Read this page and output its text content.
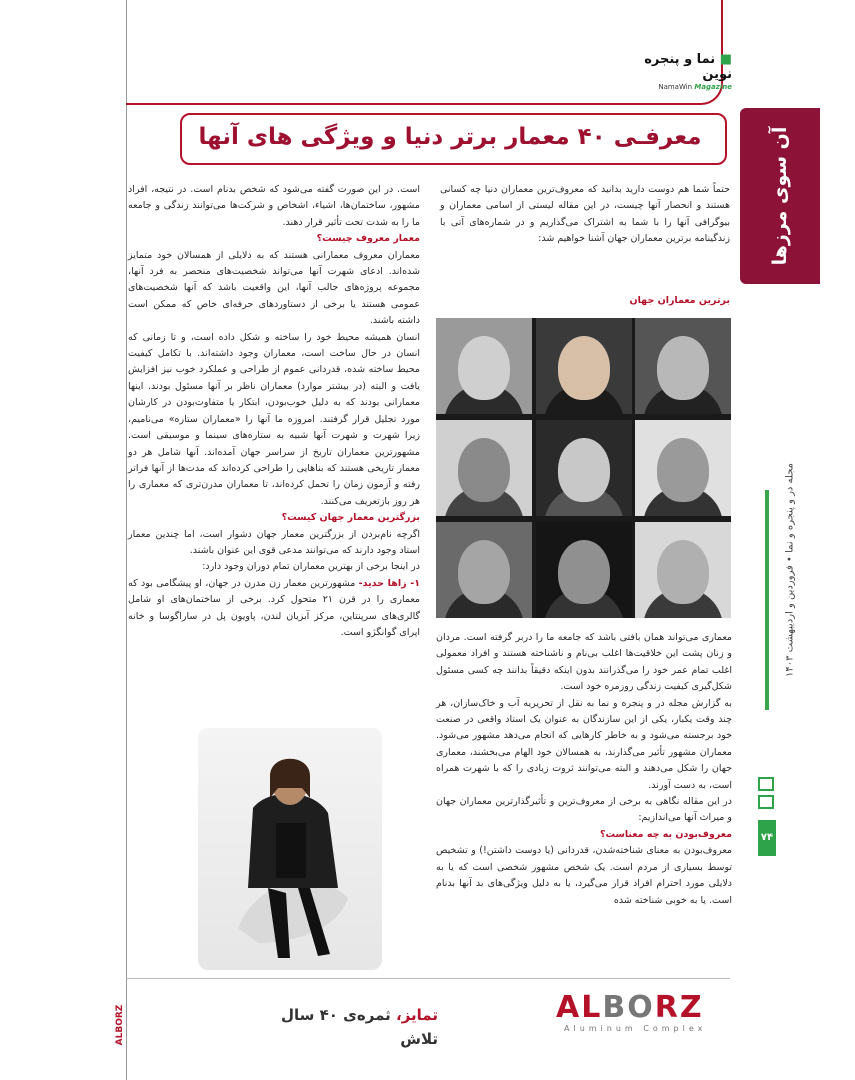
■ نما و پنجره نوین
NamaWin Magazine
آن سوی مرزها
معرفـی ۴۰ معمار برتر دنیا و ویژگی های آنها

حتماً شما هم دوست دارید بدانید که معروف‌ترین معماران دنیا چه کسانی هستند و انحصار آنها چیست، در این مقاله لیستی از اسامی معماران و بیوگرافی آنها را با شما به اشتراک می‌گذاریم و در شماره‌های آتی با زندگینامه برترین معماران جهان آشنا خواهیم شد:

برترین معماران جهان

معماری می‌تواند همان بافتی باشد که جامعه ما را دربر گرفته است. مردان و زنان پشت این خلاقیت‌ها اغلب بی‌نام و ناشناخته هستند و افراد معمولی اغلب تمام عمر خود را می‌گذرانند بدون اینکه دقیقاً بدانند چه کسی مسئول شکل‌گیری کیفیت زندگی روزمره خود است.

به گزارش مجله در و پنجره و نما به نقل از تحریریه آب و خاک‌سازان، هر چند وقت یکبار، یکی از این سازندگان به عنوان یک استاد واقعی در صنعت خود برجسته می‌شود و به خاطر کارهایی که انجام می‌دهد مشهور می‌شود. معماران مشهور تأثیر می‌گذارند، به همسالان خود الهام می‌بخشند، معماری جهان را شکل می‌دهند و البته می‌توانند ثروت زیادی را که با شهرت همراه است، به دست آورند.

در این مقاله نگاهی به برخی از معروف‌ترین و تأثیرگذارترین معماران جهان و میراث آنها می‌اندازیم:

معروف‌بودن به چه معناست؟

معروف‌بودن به معنای شناخته‌شدن، قدردانی (یا دوست داشتن!) و تشخیص توسط بسیاری از مردم است. یک شخص مشهور شخصی است که یا به دلایلی مورد احترام افراد قرار می‌گیرد، یا به دلیل ویژگی‌های بد آنها بدنام است. یا به خوبی شناخته شده

است. در این صورت گفته می‌شود که شخص بدنام است. در نتیجه، افراد مشهور، ساختمان‌ها، اشیاء، اشخاص و شرکت‌ها می‌توانند زندگی و جامعه ما را به شدت تحت تأثیر قرار دهند.

معمار معروف چیست؟

معماران معروف معمارانی هستند که به دلایلی از همسالان خود متمایز شده‌اند. ادعای شهرت آنها می‌تواند شخصیت‌های منحصر به فرد آنها، مجموعه پروژه‌های جالب آنها، این واقعیت باشد که آنها شخصیت‌های عمومی هستند یا برخی از دستاوردهای حرفه‌ای خاص که ممکن است داشته باشند.

انسان همیشه محیط خود را ساخته و شکل داده است، و تا زمانی که انسان در حال ساخت است، معماران وجود داشته‌اند. با تکامل کیفیت محیط ساخته شده، قدردانی عموم از طراحی و عملکرد خوب نیز افزایش یافت و البته (در بیشتر موارد) معماران ناظر بر آنها مسئول بودند. اینها معمارانی بودند که به دلیل خوب‌بودن، ابتکار یا متفاوت‌بودن در کارشان مورد تجلیل قرار گرفتند. امروزه ما آنها را «معماران ستاره» می‌نامیم، زیرا شهرت و شهرت آنها شبیه به ستاره‌های سینما و موسیقی است. مشهورترین معماران تاریخ از سراسر جهان آمده‌اند. آنها شامل هر دو معمار تاریخی هستند که بناهایی را طراحی کرده‌اند که مدت‌ها از آنها فراتر رفته و آزمون زمان را تحمل کرده‌اند، تا معماران مدرن‌تری که معماری را هر روز بازتعریف می‌کنند.

بزرگترین معمار جهان کیست؟

اگرچه نام‌بردن از بزرگترین معمار جهان دشوار است، اما چندین معمار استاد وجود دارند که می‌توانند مدعی قوی این عنوان باشند.

در اینجا برخی از بهترین معماران تمام دوران وجود دارد:

۱- زاها حدید- مشهورترین معمار زن مدرن در جهان، او پیشگامی بود که معماری را در قرن ۲۱ متحول کرد. برخی از ساختمان‌های او شامل گالری‌های سرپنتاین، مرکز آبزیان لندن، پاویون پل در ساراگوسا و خانه اپرای گوانگژو است.

مجله در و پنجره و نما • فروردین و اردیبهشت ۱۴۰۳
۷۴
تمایز، ثمره‌ی ۴۰ سال تلاش
ALBORZ
Aluminum Complex
ALBORZ
